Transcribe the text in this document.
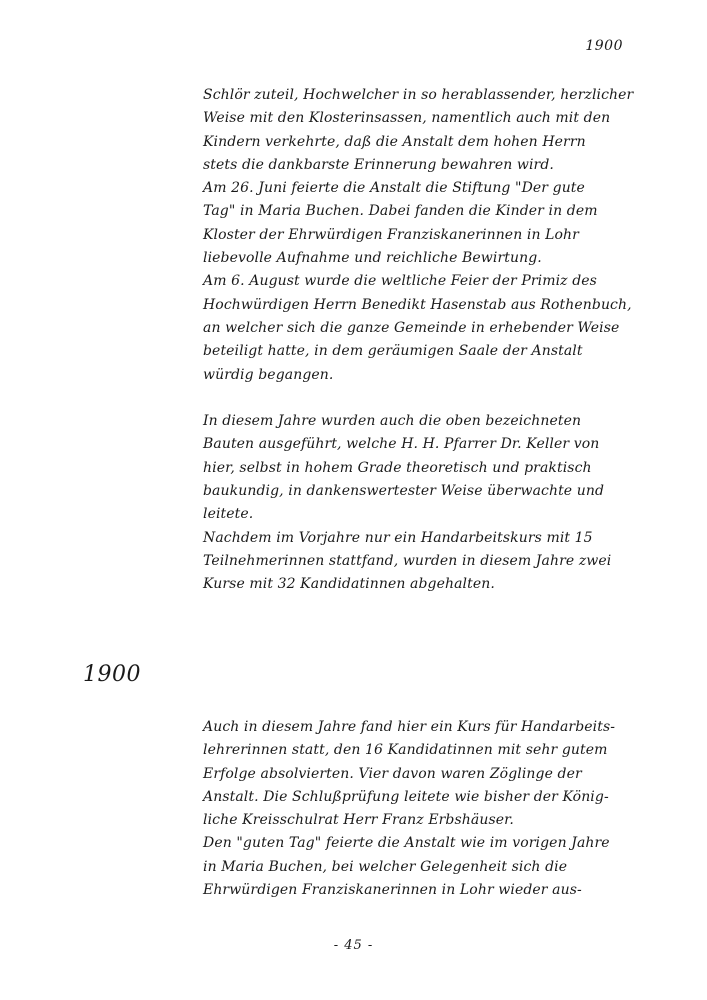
1900
Schlör zuteil, Hochwelcher in so herablassender, herzlicher
Weise mit den Klosterinsassen, namentlich auch mit den
Kindern verkehrte, daß die Anstalt dem hohen Herrn
stets die dankbarste Erinnerung bewahren wird.
Am 26. Juni feierte die Anstalt die Stiftung "Der gute
Tag" in Maria Buchen. Dabei fanden die Kinder in dem
Kloster der Ehrwürdigen Franziskanerinnen in Lohr
liebevolle Aufnahme und reichliche Bewirtung.
Am 6. August wurde die weltliche Feier der Primiz des
Hochwürdigen Herrn Benedikt Hasenstab aus Rothenbuch,
an welcher sich die ganze Gemeinde in erhebender Weise
beteiligt hatte, in dem geräumigen Saale der Anstalt
würdig begangen.
In diesem Jahre wurden auch die oben bezeichneten
Bauten ausgeführt, welche H. H. Pfarrer Dr. Keller von
hier, selbst in hohem Grade theoretisch und praktisch
baukundig, in dankenswertester Weise überwachte und
leitete.
Nachdem im Vorjahre nur ein Handarbeitskurs mit 15
Teilnehmerinnen stattfand, wurden in diesem Jahre zwei
Kurse mit 32 Kandidatinnen abgehalten.
1900
Auch in diesem Jahre fand hier ein Kurs für Handarbeits-
lehrerinnen statt, den 16 Kandidatinnen mit sehr gutem
Erfolge absolvierten. Vier davon waren Zöglinge der
Anstalt. Die Schlußprüfung leitete wie bisher der König-
liche Kreisschulrat Herr Franz Erbshäuser.
Den "guten Tag" feierte die Anstalt wie im vorigen Jahre
in Maria Buchen, bei welcher Gelegenheit sich die
Ehrwürdigen Franziskanerinnen in Lohr wieder aus-
- 45 -
